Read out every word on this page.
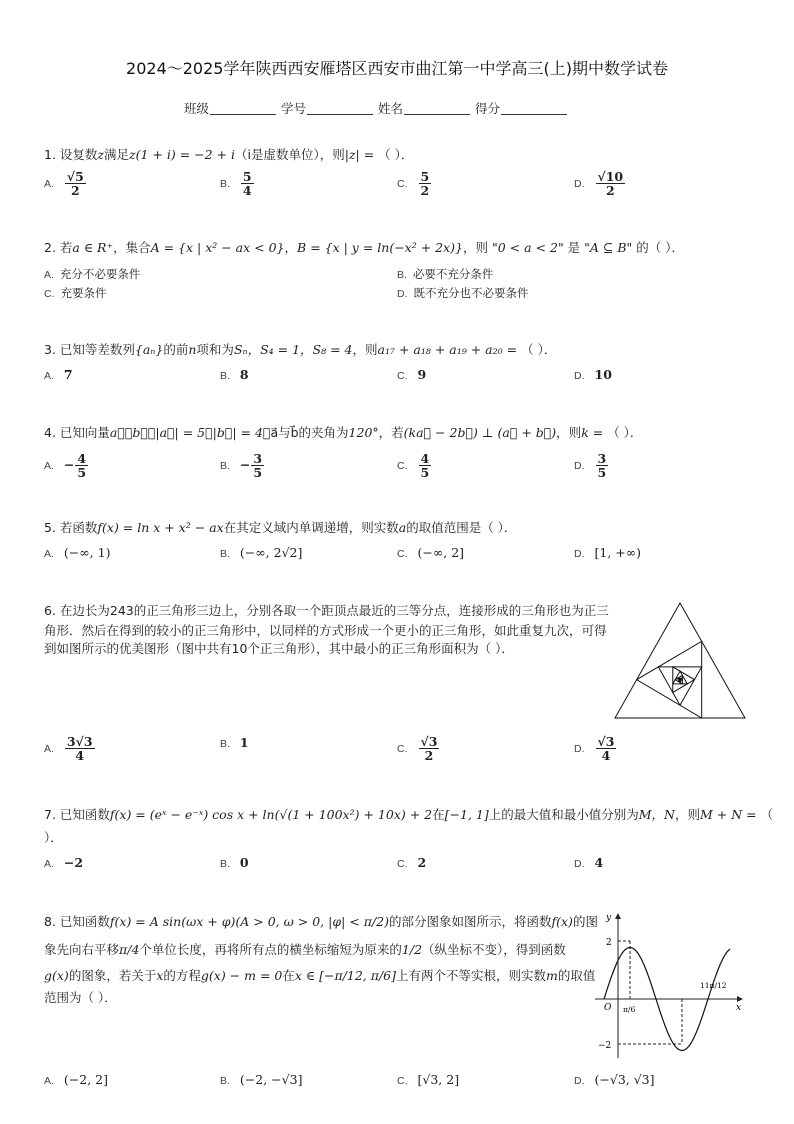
2024～2025学年陕西西安雁塔区西安市曲江第一中学高三(上)期中数学试卷
班级	学号	姓名	得分
1. 设复数z满足z(1 + i) = −2 + i（i是虚数单位），则|z| = （ ）．
A. $\frac{√5}{2}$	B. $\frac{5}{4}$	C. $\frac{5}{2}$	D. $\frac{√10}{2}$
2. 若a ∈ R⁺，集合A = {x | x² − ax < 0}，B = {x | y = ln(−x² + 2x)}，则 "0 < a < 2" 是 "A ⊆ B" 的（ ）．
A. 充分不必要条件	B. 必要不充分条件
C. 充要条件	D. 既不充分也不必要条件
3. 已知等差数列{aₙ}的前n项和为Sₙ，S₄ = 1，S₈ = 4，则a₁₇ + a₁₈ + a₁₉ + a₂₀ = （ ）．
A. 7	B. 8	C. 9	D. 10
4. 已知向量a⃗，b⃗，|a⃗| = 5，|b⃗| = 4，a⃗与b⃗的夹角为120°，若(ka⃗ − 2b⃗) ⊥ (a⃗ + b⃗)，则k = （ ）．
A. − $\frac{4}{5}$	B. − $\frac{3}{5}$	C. $\frac{4}{5}$	D. $\frac{3}{5}$
5. 若函数f(x) = ln x + x² − ax在其定义域内单调递增，则实数a的取值范围是（ ）．
A. (−∞, 1)	B. (−∞, 2√2]	C. (−∞, 2]	D. [1, +∞)
6. 在边长为243的正三角形三边上，分别各取一个距顶点最近的三等分点，连接形成的三角形也为正三
角形．然后在得到的较小的正三角形中，以同样的方式形成一个更小的正三角形，如此重复九次，可得
到如图所示的优美图形（图中共有10个正三角形），其中最小的正三角形面积为（ ）．
A. $\frac{3√3}{4}$	B. 1	C. $\frac{√3}{2}$	D. $\frac{√3}{4}$
7. 已知函数f(x) = (eˣ − e⁻ˣ) cos x + ln(√(1 + 100x²) + 10x) + 2在[−1, 1]上的最大值和最小值分别为M，N，则M + N = （
）．
A. −2	B. 0	C. 2	D. 4
8. 已知函数f(x) = A sin(ωx + φ)(A > 0, ω > 0, |φ| < π/2)的部分图象如图所示，将函数f(x)的图
象先向右平移π/4个单位长度，再将所有点的横坐标缩短为原来的1/2（纵坐标不变），得到函数
g(x)的图象，若关于x的方程g(x) − m = 0在x ∈ [−π/12, π/6]上有两个不等实根，则实数m的取值
范围为（ ）．
y
x
O
2
−2
π/6
11π/12
A. (−2, 2]	B. (−2, −√3]	C. [√3, 2]	D. (−√3, √3]
